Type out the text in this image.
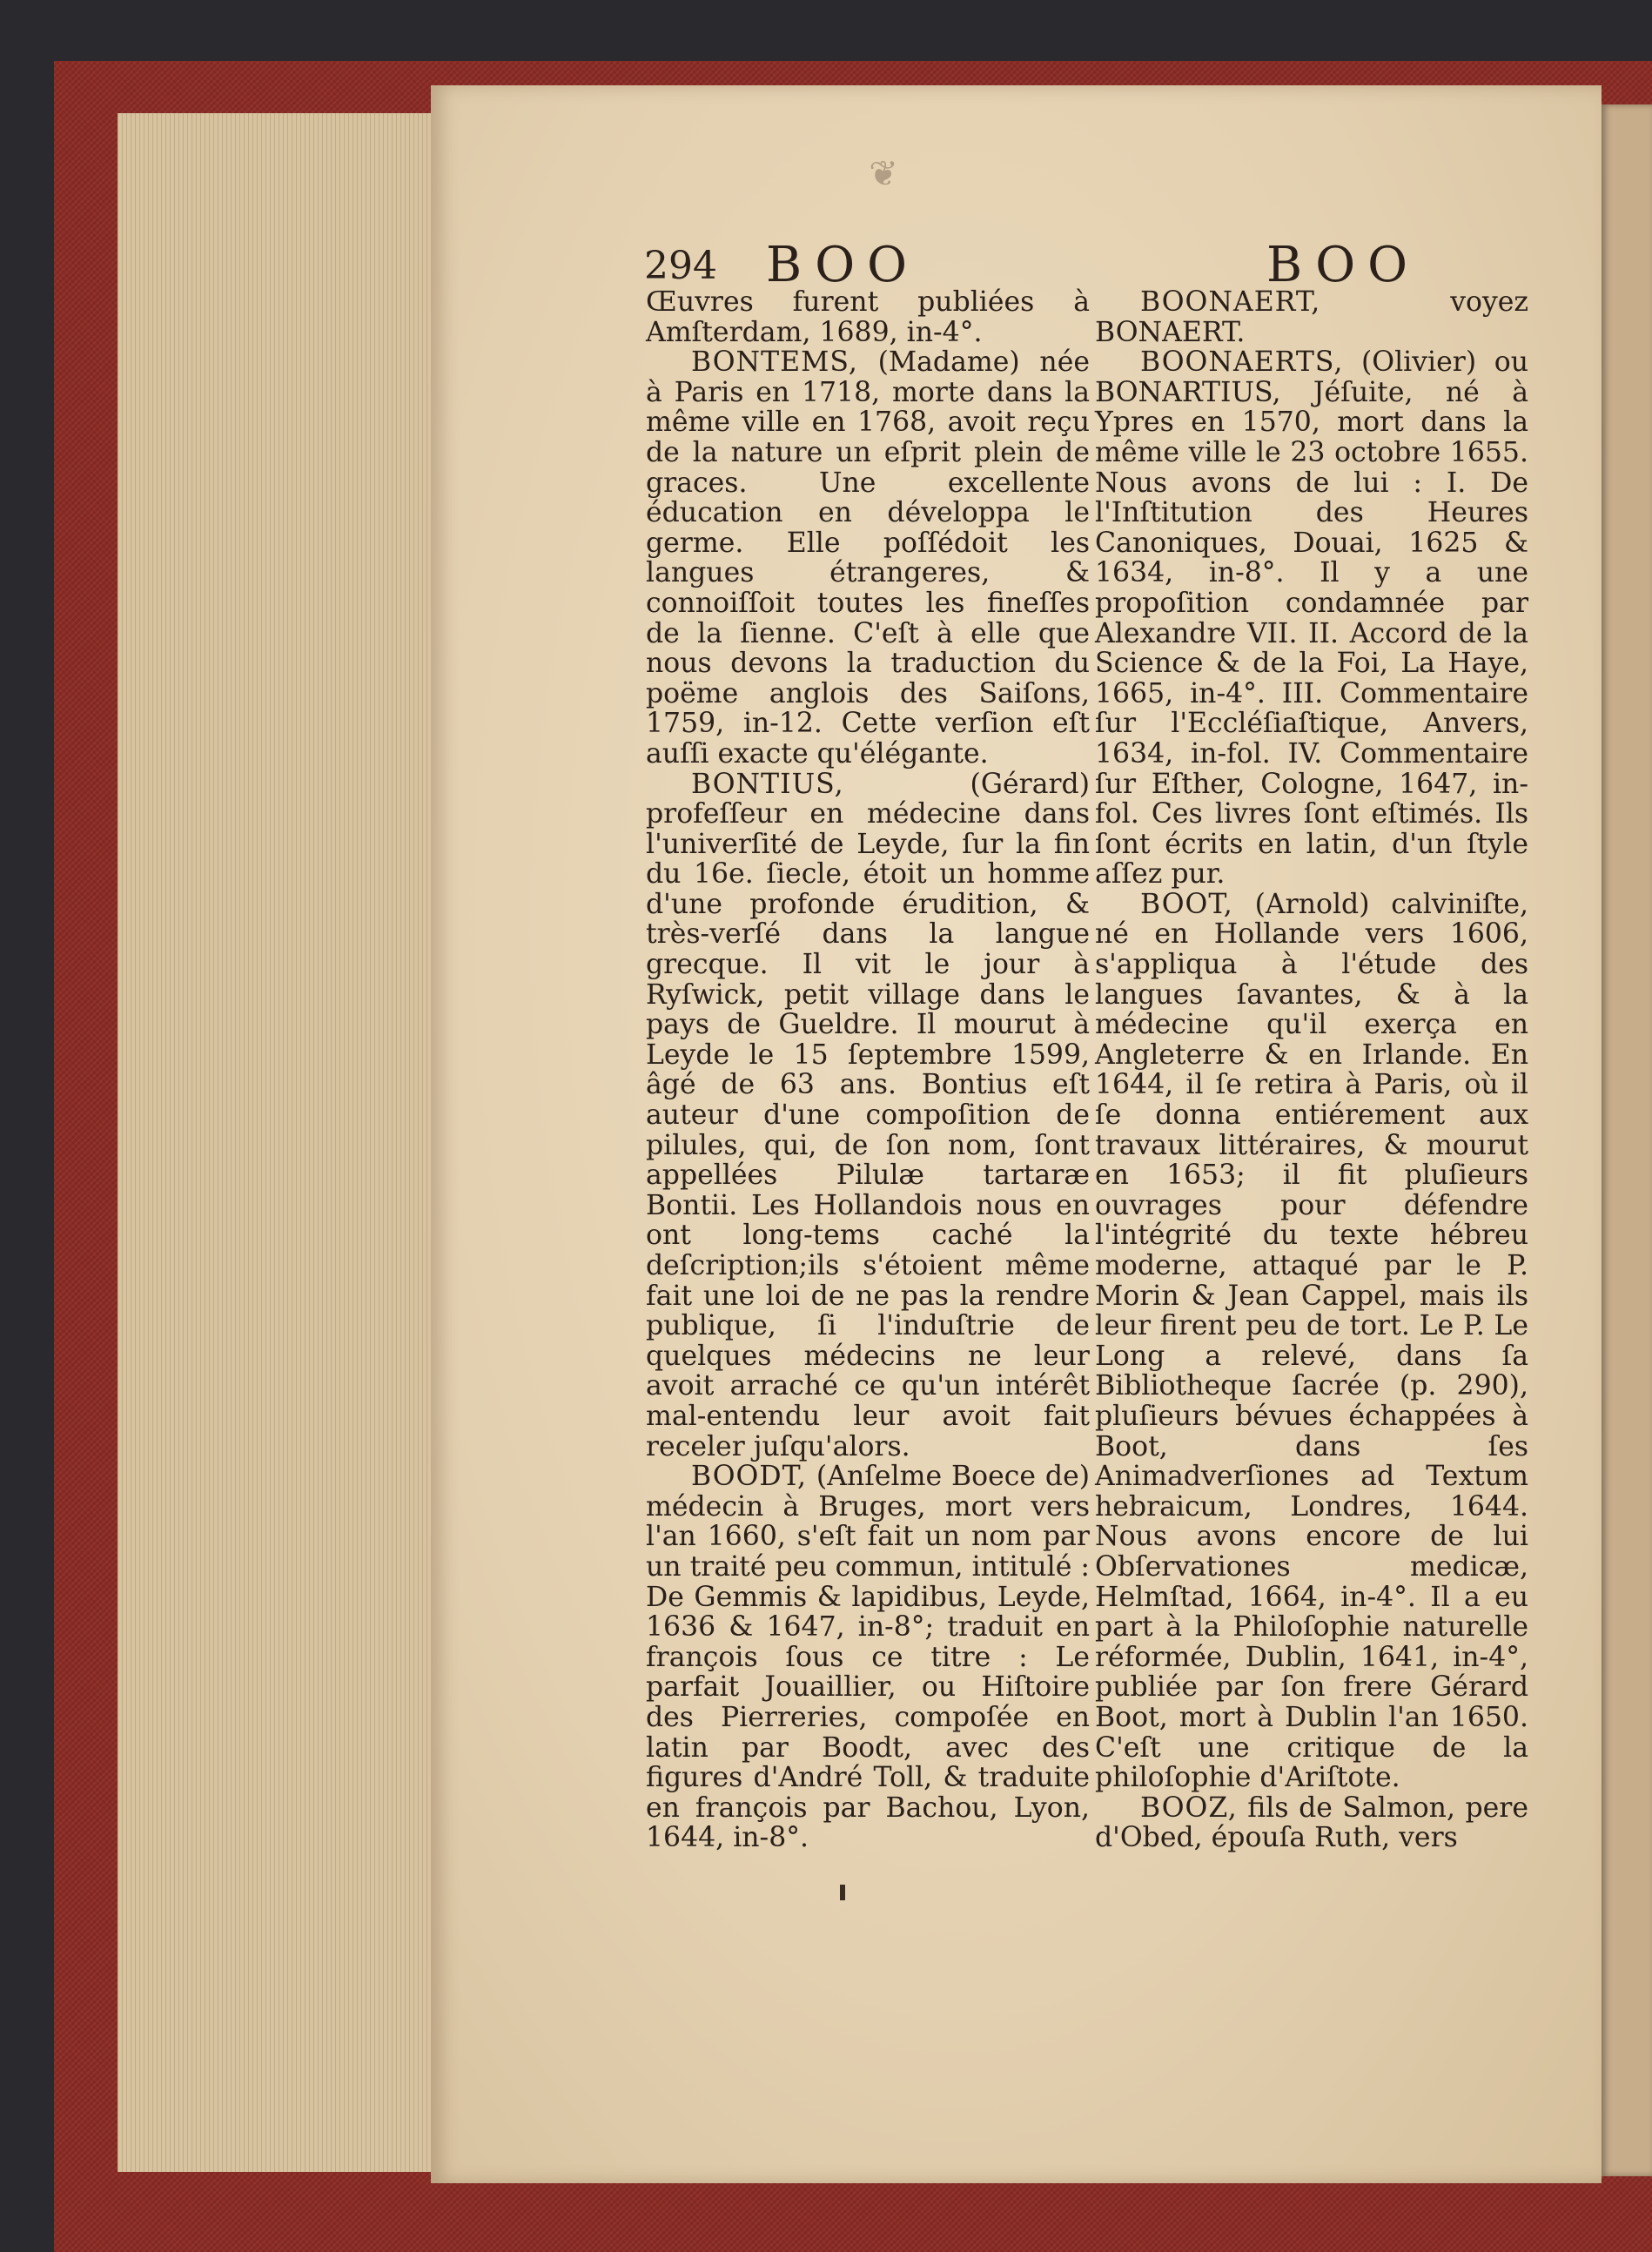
❦
294 BOO	BOO

Œuvres furent publiées à Amſterdam, 1689, in-4°.

BONTEMS, (Madame) née à Paris en 1718, morte dans la même ville en 1768, avoit reçu de la nature un eſprit plein de graces. Une excellente éducation en développa le germe. Elle poſſédoit les langues étrangeres, & connoiſſoit toutes les fineſſes de la ſienne. C'eſt à elle que nous devons la traduction du poëme anglois des Saiſons, 1759, in-12. Cette verſion eſt auſſi exacte qu'élégante.

BONTIUS,	(Gérard) profeſſeur en médecine dans l'univerſité de Leyde, ſur la fin du 16e. ſiecle, étoit un homme d'une profonde érudition, & très-verſé dans la langue grecque. Il vit le jour à Ryſwick, petit village dans le pays de Gueldre. Il mourut à Leyde le 15 ſeptembre 1599, âgé de 63 ans. Bontius eſt auteur d'une compoſition de pilules, qui, de ſon nom, ſont appellées Pilulæ tartaræ Bontii. Les Hollandois nous en ont long-tems caché la deſcription;ils s'étoient même fait une loi de ne pas la rendre publique, ſi l'induſtrie de quelques médecins ne leur avoit arraché ce qu'un intérêt mal-entendu leur avoit fait receler juſqu'alors.

BOODT, (Anſelme Boece de) médecin à Bruges, mort vers l'an 1660, s'eſt fait un nom par un traité peu commun, intitulé : De Gemmis & lapidibus, Leyde, 1636 & 1647, in-8°; traduit en françois ſous ce titre : Le parfait Jouaillier, ou Hiſtoire des Pierreries, compoſée en latin par Boodt, avec des figures d'André Toll, & traduite en françois par Bachou, Lyon, 1644, in-8°.

BOONAERT,	voyez BONAERT.

BOONAERTS, (Olivier) ou BONARTIUS, Jéſuite, né à Ypres en 1570, mort dans la même ville le 23 octobre 1655. Nous avons de lui : I. De l'Inſtitution des Heures Canoniques, Douai, 1625 & 1634, in-8°. Il y a une propoſition condamnée par Alexandre VII. II. Accord de la Science & de la Foi, La Haye, 1665, in-4°. III. Commentaire ſur l'Eccléſiaſtique, Anvers, 1634, in-fol. IV. Commentaire ſur Eſther, Cologne, 1647, in-fol. Ces livres ſont eſtimés. Ils ſont écrits en latin, d'un ſtyle aſſez pur.

BOOT, (Arnold) calviniſte, né en Hollande vers 1606, s'appliqua à l'étude des langues ſavantes, & à la médecine qu'il exerça en Angleterre & en Irlande. En 1644, il ſe retira à Paris, où il ſe donna entiérement aux travaux littéraires, & mourut en 1653; il fit pluſieurs ouvrages pour défendre l'intégrité du texte hébreu moderne, attaqué par le P. Morin & Jean Cappel, mais ils leur firent peu de tort. Le P. Le Long a relevé, dans ſa Bibliotheque ſacrée (p. 290), pluſieurs bévues échappées à Boot, dans ſes Animadverſiones ad Textum hebraicum, Londres, 1644. Nous avons encore de lui Obſervationes medicæ, Helmſtad, 1664, in-4°. Il a eu part à la Philoſophie naturelle réformée, Dublin, 1641, in-4°, publiée par ſon frere Gérard Boot, mort à Dublin l'an 1650. C'eſt une critique de la philoſophie d'Ariſtote.

BOOZ, fils de Salmon, pere d'Obed, épouſa Ruth, vers
